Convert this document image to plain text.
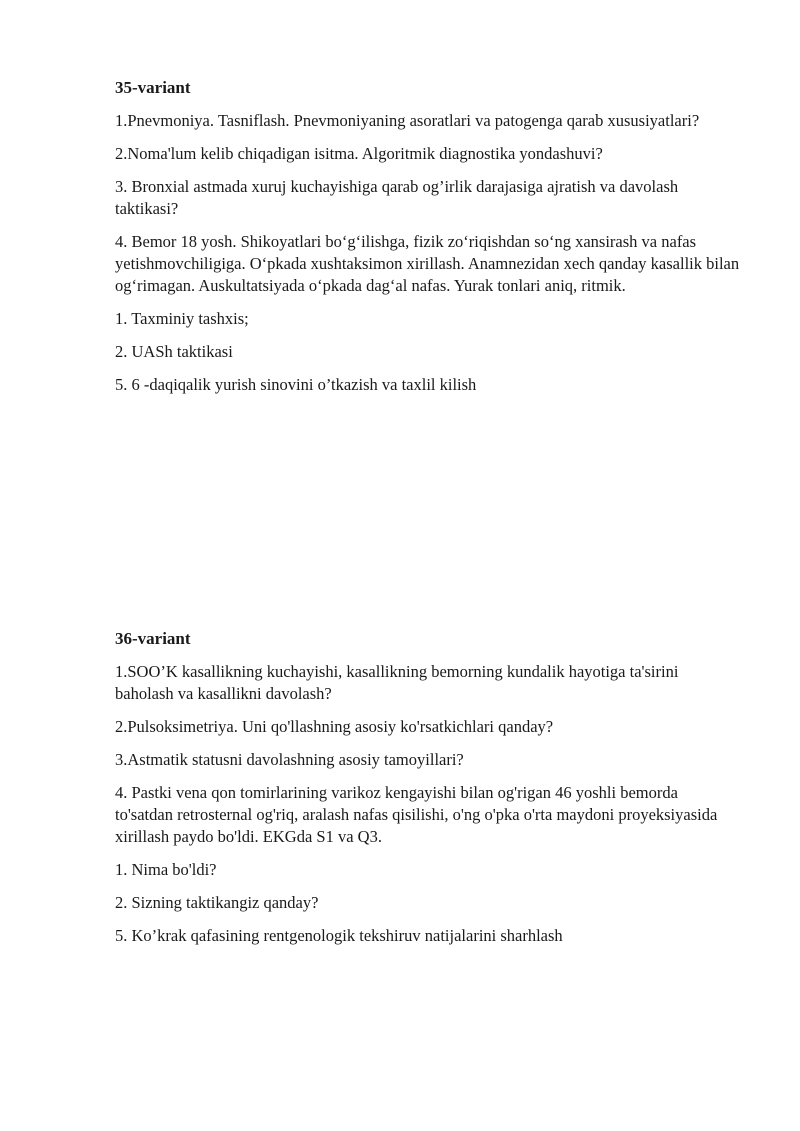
35-variant

1.Pnevmoniya. Tasniflash. Pnevmoniyaning asoratlari va patogenga qarab xususiyatlari?

2.Noma'lum kelib chiqadigan isitma. Algoritmik diagnostika yondashuvi?

3. Bronxial astmada xuruj kuchayishiga qarab og’irlik darajasiga ajratish va davolash taktikasi?

4. Bemor 18 yosh. Shikoyatlari bo‘g‘ilishga, fizik zo‘riqishdan so‘ng xansirash va nafas yetishmovchiligiga. O‘pkada xushtaksimon xirillash. Anamnezidan xech qanday kasallik bilan og‘rimagan. Auskultatsiyada o‘pkada dag‘al nafas. Yurak tonlari aniq, ritmik.

1. Taxminiy tashxis;

2. UASh taktikasi

5. 6 -daqiqalik yurish sinovini o’tkazish va taxlil kilish

36-variant

1.SOO’K kasallikning kuchayishi, kasallikning bemorning kundalik hayotiga ta'sirini baholash va kasallikni davolash?

2.Pulsoksimetriya. Uni qo'llashning asosiy ko'rsatkichlari qanday?

3.Astmatik statusni davolashning asosiy tamoyillari?

4. Pastki vena qon tomirlarining varikoz kengayishi bilan og'rigan 46 yoshli bemorda to'satdan retrosternal og'riq, aralash nafas qisilishi, o'ng o'pka o'rta maydoni proyeksiyasida xirillash paydo bo'ldi. EKGda S1 va Q3.

1. Nima bo'ldi?

2. Sizning taktikangiz qanday?

5. Ko’krak qafasining rentgenologik tekshiruv natijalarini sharhlash
